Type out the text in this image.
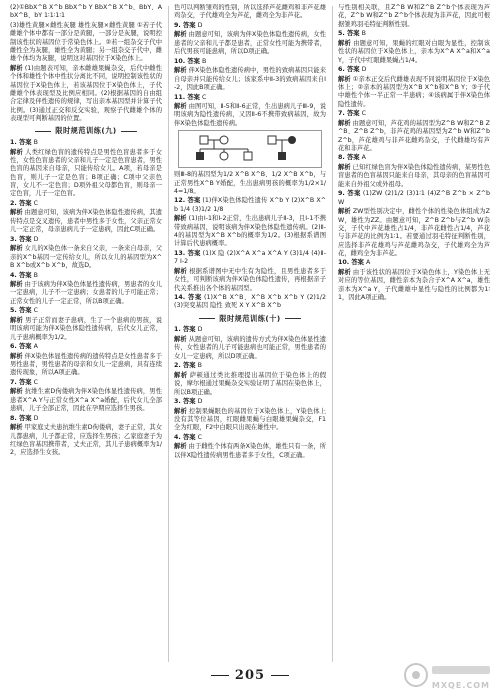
(2)①BbX^B X^b BbX^b Y BbX^B X^b、BbY、AbX^B、bY 1∶1∶1∶1
(3)雄性黄腿×雌性灰腿 雄性灰腿×雌性黄腿 ①若子代雌雄个体中都有一部分是黄腿，一部分是灰腿，说明控制该性状的基因位于常染色体上。②若一组杂交子代中雌性全为灰腿，雄性全为黄腿；另一组杂交子代中，雌雄个体均为灰腿，说明这对基因位于X染色体上。
解析 (1)由题表可知，亲本雌雄果蝇杂交，后代中雌性个体和雄性个体中性状分离比不同，说明控制该性状的基因位于X染色体上，若该基因位于X染色体上，子代雌雄个体表现型及比例应相同。(2)根据基因的自由组合定律及伴性遗传的规律，写出亲本基因型并计算子代比例。(3)通过正交和反交实验，观察子代雌雄个体的表现型可判断基因的位置。
限时规范训练(九)
1. 答案 B
解析 人类红绿色盲的遗传特点是男性色盲患者多于女性，女性色盲患者的父亲和儿子一定是色盲患者，男性色盲的基因来自母亲，只能传给女儿。A项，若母亲是色盲，则儿子一定是色盲；B项正确；C项中父亲色盲，女儿不一定色盲；D项外祖父母都色盲，则母亲一定色盲，儿子一定色盲。
2. 答案 C
解析 由题意可知，该病为伴X染色体隐性遗传病，其遗传特点是交叉遗传，患者中男性多于女性，父亲正常女儿一定正常，母亲患病儿子一定患病，因此C项正确。
3. 答案 D
解析 女儿的X染色体一条来自父亲，一条来自母亲，父亲的X^b基因一定传给女儿，所以女儿的基因型为X^B X^b或X^b X^b，故选D。
4. 答案 B
解析 由于该病为伴X染色体显性遗传病，男患者的女儿一定患病，儿子不一定患病；女患者的儿子可能正常；正常女性的儿子一定正常，所以B项正确。
5. 答案 C
解析 男子正常而妻子患病，生了一个患病的男孩，说明该病可能为伴X染色体隐性遗传病，后代女儿正常，儿子患病概率为1/2。
6. 答案 A
解析 伴X染色体显性遗传病的遗传特点是女性患者多于男性患者，男性患者的母亲和女儿一定患病，具有连续遗传现象，所以A项正确。
7. 答案 C
解析 抗维生素D佝偻病为伴X染色体显性遗传病，男性患者X^A Y与正常女性X^a X^a婚配，后代女儿全部患病，儿子全部正常，因此在孕期应选择生男孩。
8. 答案 D
解析 甲家庭丈夫患抗维生素D佝偻病，妻子正常，其女儿都患病，儿子都正常，应选择生男孩；乙家庭妻子为红绿色盲基因携带者，丈夫正常，其儿子患病概率为1/2，应选择生女孩。
色可以判断雏鸡的性别，所以选择芦花雌鸡和非芦花雄鸡杂交，子代雄鸡全为芦花，雌鸡全为非芦花。
9. 答案 D
解析 由题意可知，该病为伴X染色体隐性遗传病，女性患者的父亲和儿子都是患者，正常女性可能为携带者，后代男孩可能患病，所以D项正确。
10. 答案 B
解析 伴X染色体隐性遗传病中，男性的致病基因只能来自母亲并只能传给女儿；该家系中Ⅱ-3的致病基因来自Ⅰ-2，因此B项正确。
11. 答案 C
解析 由图可知，Ⅱ-5和Ⅱ-6正常，生出患病儿子Ⅲ-9，说明该病为隐性遗传病，又因Ⅱ-6不携带致病基因，故为伴X染色体隐性遗传病。
则Ⅲ-8的基因型为1/2 X^B X^B、1/2 X^B X^b，与正常男性X^B Y婚配，生出患病男孩的概率为1/2×1/4=1/8。
12. 答案 (1)伴X染色体隐性遗传 X^b Y (2)X^B X^b 1/4 (3)1/2 1/8
解析 (1)由Ⅰ-1和Ⅰ-2正常，生出患病儿子Ⅱ-3，且Ⅰ-1不携带致病基因，说明该病为伴X染色体隐性遗传病。(2)Ⅱ-4的基因型为X^B X^b的概率为1/2。(3)根据系谱图计算后代患病概率。
13. 答案 (1)X 隐 (2)X^A X^a X^A Y (3)1/4 (4)Ⅱ-7 Ⅰ-2
解析 根据系谱图中无中生有为隐性，且男性患者多于女性，可判断该病为伴X染色体隐性遗传，再根据亲子代关系推出各个体的基因型。
14. 答案 (1)X^B X^B、X^B X^b X^b Y (2)1/2 (3)突变基因 隐性 致死 X Y X^B X^b
限时规范训练(十)
1. 答案 D
解析 从题意可知，该病的遗传方式为伴X染色体显性遗传，女性患者的儿子可能患病也可能正常，男性患者的女儿一定患病，所以D项正确。
2. 答案 B
解析 萨顿通过类比推理提出基因位于染色体上的假说，摩尔根通过果蝇杂交实验证明了基因在染色体上，所以B项正确。
3. 答案 D
解析 控制果蝇眼色的基因位于X染色体上，Y染色体上没有其等位基因，红眼雌果蝇与白眼雄果蝇杂交，F1全为红眼，F2中白眼只出现在雄性中。
4. 答案 C
解析 由于雌性个体有两条X染色体，雄性只有一条，所以伴X隐性遗传病男性患者多于女性，C项正确。
与性别相关联，且Z^B W和Z^B Z^b个体表现为芦花，Z^b W和Z^b Z^b个体表现为非芦花，因此可根据雏鸡羽毛特征判断性别。
5. 答案 B
解析 由题意可知，果蝇的红眼对白眼为显性，控制该性状的基因位于X染色体上，亲本为X^A X^a和X^a Y，子代中红眼雌果蝇占1/4。
6. 答案 D
解析 ①亲本正交后代雌雄表现不同说明基因位于X染色体上；②亲本的基因型为X^B X^b和X^B Y；③子代中雄性个体一半正常一半患病；④该病属于伴X染色体隐性遗传。
7. 答案 C
解析 由题意可知，芦花鸡的基因型为Z^B W和Z^B Z^B、Z^B Z^b，非芦花鸡的基因型为Z^b W和Z^b Z^b，芦花雄鸡与非芦花雌鸡杂交，子代雌雄均有芦花和非芦花。
8. 答案 A
解析 已知红绿色盲为伴X染色体隐性遗传病，某男性色盲患者的色盲基因只能来自母亲，其母亲的色盲基因可能来自外祖父或外祖母。
9. 答案 (1)ZW (2)1/2 (3)1∶1 (4)Z^B Z^b × Z^b W
解析 ZW型性别决定中，雌性个体的性染色体组成为ZW，雄性为ZZ。由题意可知，Z^B Z^b与Z^b W杂交，子代中芦花雄性占1/4，非芦花雌性占1/4，芦花与非芦花的比例为1∶1。若要通过羽毛特征判断性别，应选择非芦花雄鸡与芦花雌鸡杂交，子代雄鸡全为芦花，雌鸡全为非芦花。
10. 答案 A
解析 由于该性状的基因位于X染色体上，Y染色体上无对应的等位基因，雌性亲本为杂合子X^A X^a，雄性亲本为X^a Y，子代雌雄中显性与隐性的比例都为1∶1，因此A项正确。
205
MXQE.COM
